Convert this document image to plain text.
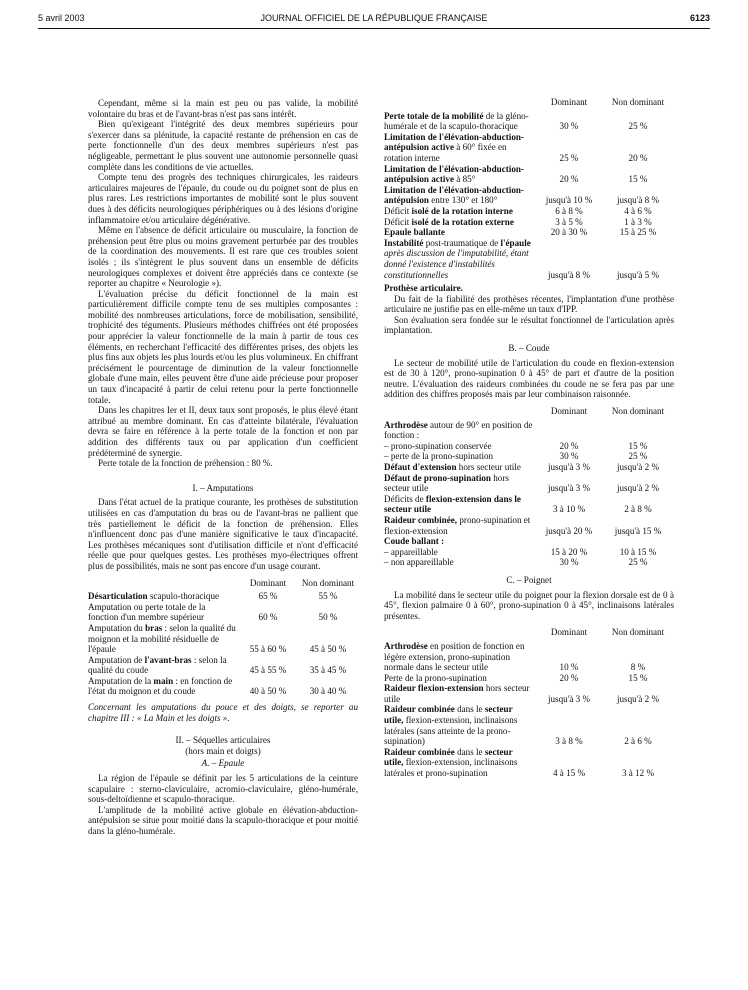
5 avril 2003	JOURNAL OFFICIEL DE LA RÉPUBLIQUE FRANÇAISE	6123

Cependant, même si la main est peu ou pas valide, la mobilité volontaire du bras et de l'avant-bras n'est pas sans intérêt.

Bien qu'exigeant l'intégrité des deux membres supérieurs pour s'exercer dans sa plénitude, la capacité restante de préhension en cas de perte fonctionnelle d'un des deux membres supérieurs n'est pas négligeable, permettant le plus souvent une autonomie personnelle quasi complète dans les conditions de vie actuelles.

Compte tenu des progrès des techniques chirurgicales, les raideurs articulaires majeures de l'épaule, du coude ou du poignet sont de plus en plus rares. Les restrictions importantes de mobilité sont le plus souvent dues à des déficits neurologiques périphériques ou à des lésions d'origine inflammatoire et/ou articulaire dégénérative.

Même en l'absence de déficit articulaire ou musculaire, la fonction de préhension peut être plus ou moins gravement perturbée par des troubles de la coordination des mouvements. Il est rare que ces troubles soient isolés ; ils s'intègrent le plus souvent dans un ensemble de déficits neurologiques complexes et doivent être appréciés dans ce contexte (se reporter au chapitre « Neurologie »).

L'évaluation précise du déficit fonctionnel de la main est particulièrement difficile compte tenu de ses multiples composantes : mobilité des nombreuses articulations, force de mobilisation, sensibilité, trophicité des téguments. Plusieurs méthodes chiffrées ont été proposées pour apprécier la valeur fonctionnelle de la main à partir de tous ces éléments, en recherchant l'efficacité des différentes prises, des objets les plus fins aux objets les plus lourds et/ou les plus volumineux. En chiffrant précisément le pourcentage de diminution de la valeur fonctionnelle globale d'une main, elles peuvent être d'une aide précieuse pour proposer un taux d'incapacité à partir de celui retenu pour la perte fonctionnelle totale.

Dans les chapitres Ier et II, deux taux sont proposés, le plus élevé étant attribué au membre dominant. En cas d'atteinte bilatérale, l'évaluation devra se faire en référence à la perte totale de la fonction et non par addition des différents taux ou par application d'un coefficient prédéterminé de synergie.

Perte totale de la fonction de préhension : 80 %.

I. – Amputations

Dans l'état actuel de la pratique courante, les prothèses de substitution utilisées en cas d'amputation du bras ou de l'avant-bras ne pallient que très partiellement le déficit de la fonction de préhension. Elles n'influencent donc pas d'une manière significative le taux d'incapacité. Les prothèses mécaniques sont d'utilisation difficile et n'ont d'efficacité réelle que pour quelques gestes. Les prothèses myo-électriques offrent plus de possibilités, mais ne sont pas encore d'un usage courant.

	Dominant	Non dominant
Désarticulation scapulo-thoracique	65 %	55 %
Amputation ou perte totale de la fonction d'un membre supérieur	60 %	50 %
Amputation du bras : selon la qualité du moignon et la mobilité résiduelle de l'épaule	55 à 60 %	45 à 50 %
Amputation de l'avant-bras : selon la qualité du coude	45 à 55 %	35 à 45 %
Amputation de la main : en fonction de l'état du moignon et du coude	40 à 50 %	30 à 40 %
Concernant les amputations du pouce et des doigts, se reporter au chapitre III : « La Main et les doigts ».
II. – Séquelles articulaires
(hors main et doigts)
A. – Epaule

La région de l'épaule se définit par les 5 articulations de la ceinture scapulaire : sterno-claviculaire, acromio-claviculaire, gléno-humérale, sous-deltoïdienne et scapulo-thoracique.

L'amplitude de la mobilité active globale en élévation-abduction-antépulsion se situe pour moitié dans la scapulo-thoracique et pour moitié dans la gléno-humérale.

	Dominant	Non dominant
Perte totale de la mobilité de la gléno-humérale et de la scapulo-thoracique	30 %	25 %
Limitation de l'élévation-abduction-antépulsion active à 60° fixée en rotation interne	25 %	20 %
Limitation de l'élévation-abduction-antépulsion active à 85°	20 %	15 %
Limitation de l'élévation-abduction-antépulsion entre 130° et 180°	jusqu'à 10 %	jusqu'à 8 %
Déficit isolé de la rotation interne	6 à 8 %	4 à 6 %
Déficit isolé de la rotation externe	3 à 5 %	1 à 3 %
Epaule ballante	20 à 30 %	15 à 25 %
Instabilité post-traumatique de l'épaule après discussion de l'imputabilité, étant donné l'existence d'instabilités constitutionnelles	jusqu'à 8 %	jusqu'à 5 %
Prothèse articulaire.

Du fait de la fiabilité des prothèses récentes, l'implantation d'une prothèse articulaire ne justifie pas en elle-même un taux d'IPP.

Son évaluation sera fondée sur le résultat fonctionnel de l'articulation après implantation.

B. – Coude

Le secteur de mobilité utile de l'articulation du coude en flexion-extension est de 30 à 120°, prono-supination 0 à 45° de part et d'autre de la position neutre. L'évaluation des raideurs combinées du coude ne se fera pas par une addition des chiffres proposés mais par leur combinaison raisonnée.

	Dominant	Non dominant
Arthrodèse autour de 90° en position de fonction :		
– prono-supination conservée	20 %	15 %
– perte de la prono-supination	30 %	25 %
Défaut d'extension hors secteur utile	jusqu'à 3 %	jusqu'à 2 %
Défaut de prono-supination hors secteur utile	jusqu'à 3 %	jusqu'à 2 %
Déficits de flexion-extension dans le secteur utile	3 à 10 %	2 à 8 %
Raideur combinée, prono-supination et flexion-extension	jusqu'à 20 %	jusqu'à 15 %
Coude ballant :		
– appareillable	15 à 20 %	10 à 15 %
– non appareillable	30 %	25 %
C. – Poignet

La mobilité dans le secteur utile du poignet pour la flexion dorsale est de 0 à 45°, flexion palmaire 0 à 60°, prono-supination 0 à 45°, inclinaisons latérales présentes.

	Dominant	Non dominant
Arthrodèse en position de fonction en légère extension, prono-supination normale dans le secteur utile	10 %	8 %
Perte de la prono-supination	20 %	15 %
Raideur flexion-extension hors secteur utile	jusqu'à 3 %	jusqu'à 2 %
Raideur combinée dans le secteur utile, flexion-extension, inclinaisons latérales (sans atteinte de la prono-supination)	3 à 8 %	2 à 6 %
Raideur combinée dans le secteur utile, flexion-extension, inclinaisons latérales et prono-supination	4 à 15 %	3 à 12 %
